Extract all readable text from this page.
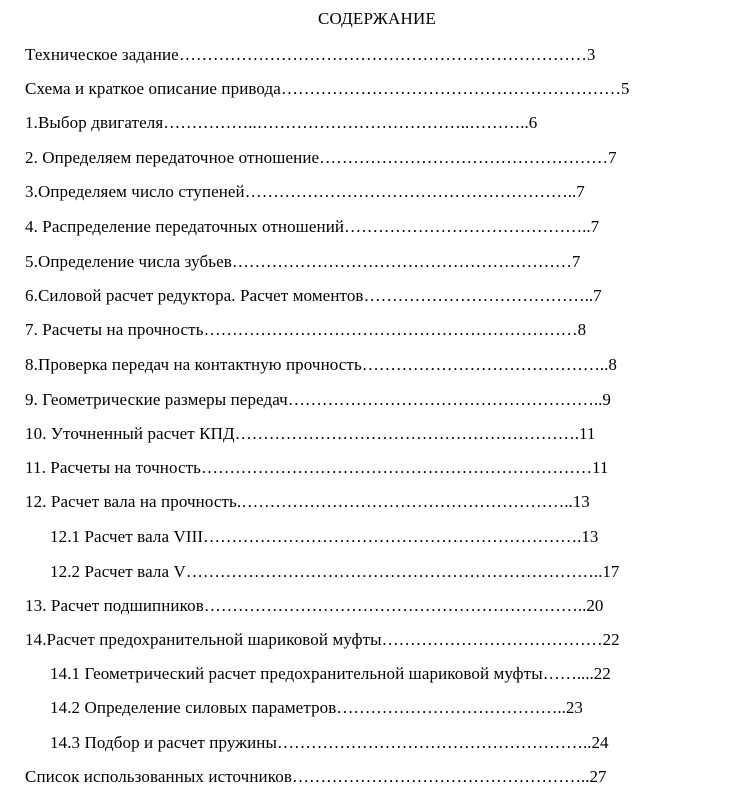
СОДЕРЖАНИЕ
Техническое задание………………………………………………………………3
Схема и краткое описание привода……………………………………………………5
1.Выбор двигателя……………..………………………………..………..6
2. Определяем передаточное отношение……………………………………………7
3.Определяем число ступеней…………………………………………………..7
4. Распределение передаточных отношений……………………………………..7
5.Определение числа зубьев……………………………………………………7
6.Силовой расчет редуктора. Расчет моментов…………………………………..7
7. Расчеты на прочность…………………………………………………………8
8.Проверка передач на контактную прочность……………………………………..8
9. Геометрические размеры передач………………………………………………..9
10. Уточненный расчет КПД…………………………………………………….11
11. Расчеты на точность……………………………………………………………11
12. Расчет вала на прочность.…………………………………………………..13
12.1 Расчет вала VIII………………………………………………………….13
12.2 Расчет вала V………………………………………………………………..17
13. Расчет подшипников…………………………………………………………..20
14.Расчет предохранительной шариковой муфты…………………………………22
14.1 Геометрический расчет предохранительной шариковой муфты……....22
14.2 Определение силовых параметров…………………………………..23
14.3 Подбор и расчет пружины………………………………………………..24
Список использованных источников……………………………………………..27
